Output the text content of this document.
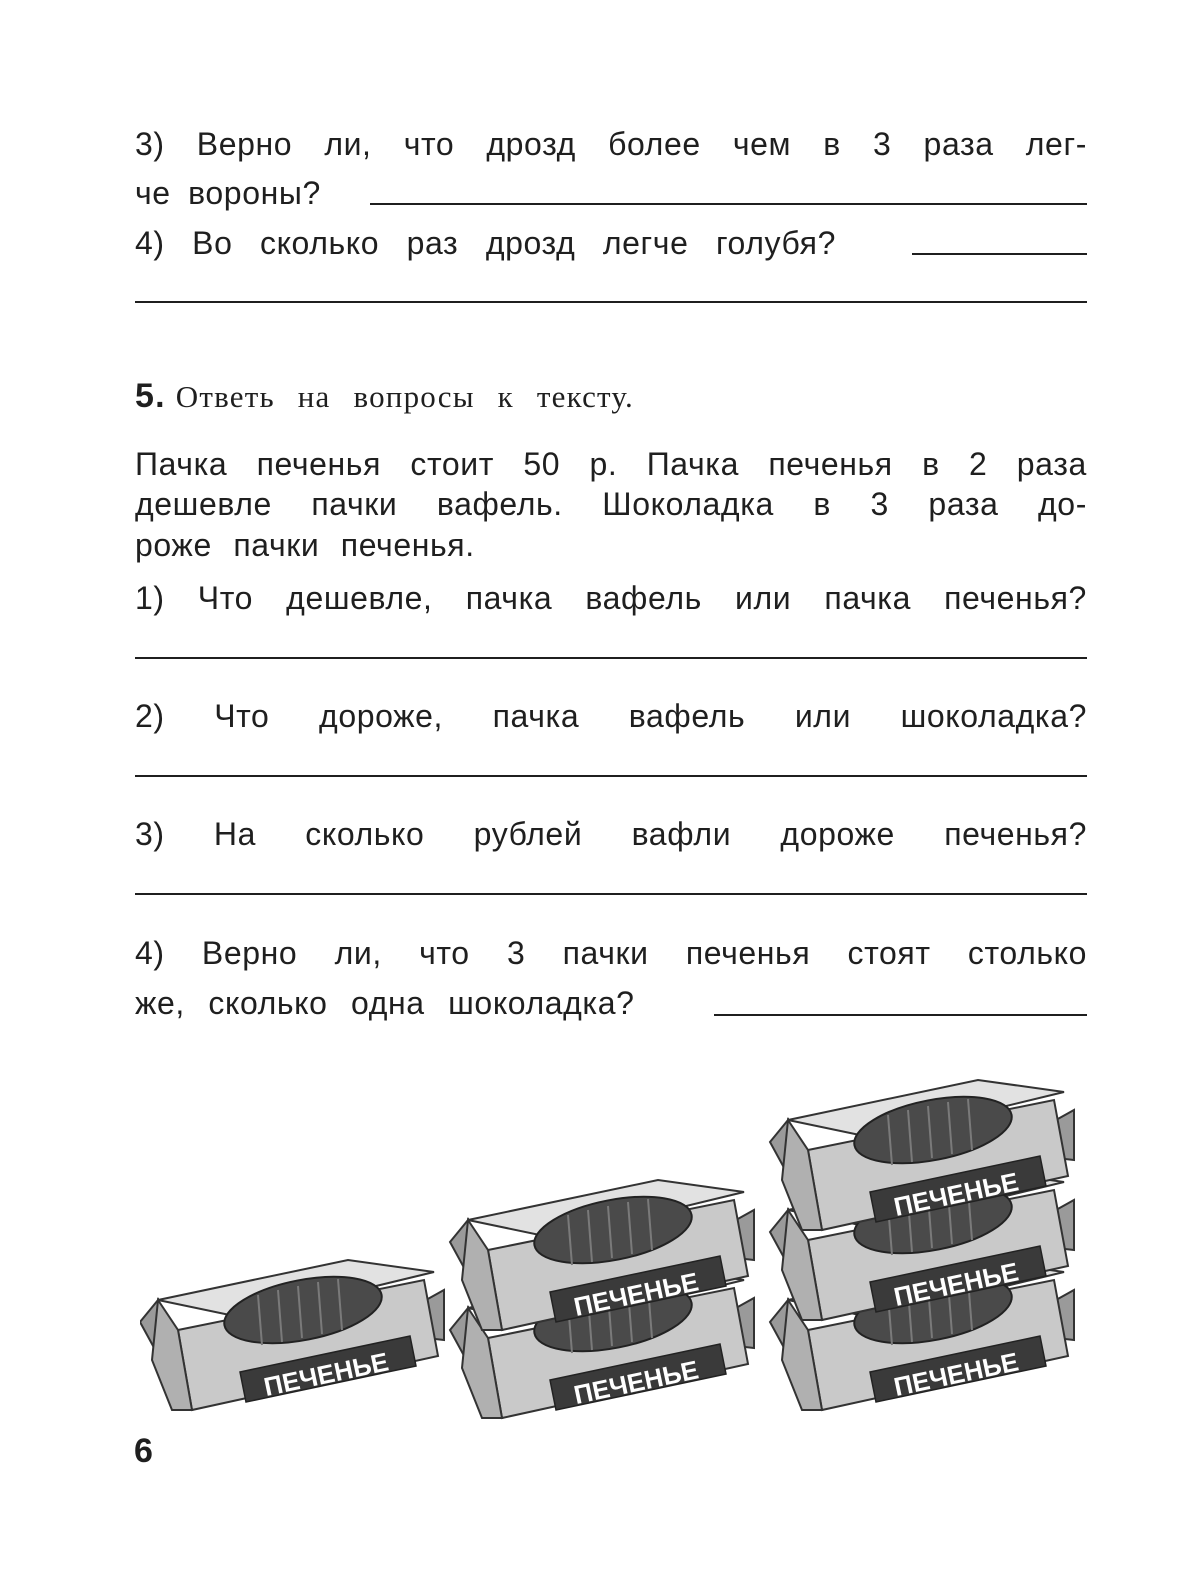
3) Верно ли, что дрозд более чем в 3 раза лег-
че вороны?
4) Во сколько раз дрозд легче голубя?
5. Ответь на вопросы к тексту.
Пачка печенья стоит 50 р. Пачка печенья в 2 раза
дешевле пачки вафель. Шоколадка в 3 раза до-
роже пачки печенья.
1) Что дешевле, пачка вафель или пачка печенья?
2) Что дороже, пачка вафель или шоколадка?
3) На сколько рублей вафли дороже печенья?
4) Верно ли, что 3 пачки печенья стоят столько
же, сколько одна шоколадка?
ПЕЧЕНЬЕ	ПЕЧЕНЬЕ
ПЕЧЕНЬЕ
ПЕЧЕНЬЕ
ПЕЧЕНЬЕ
ПЕЧЕНЬЕ
6
